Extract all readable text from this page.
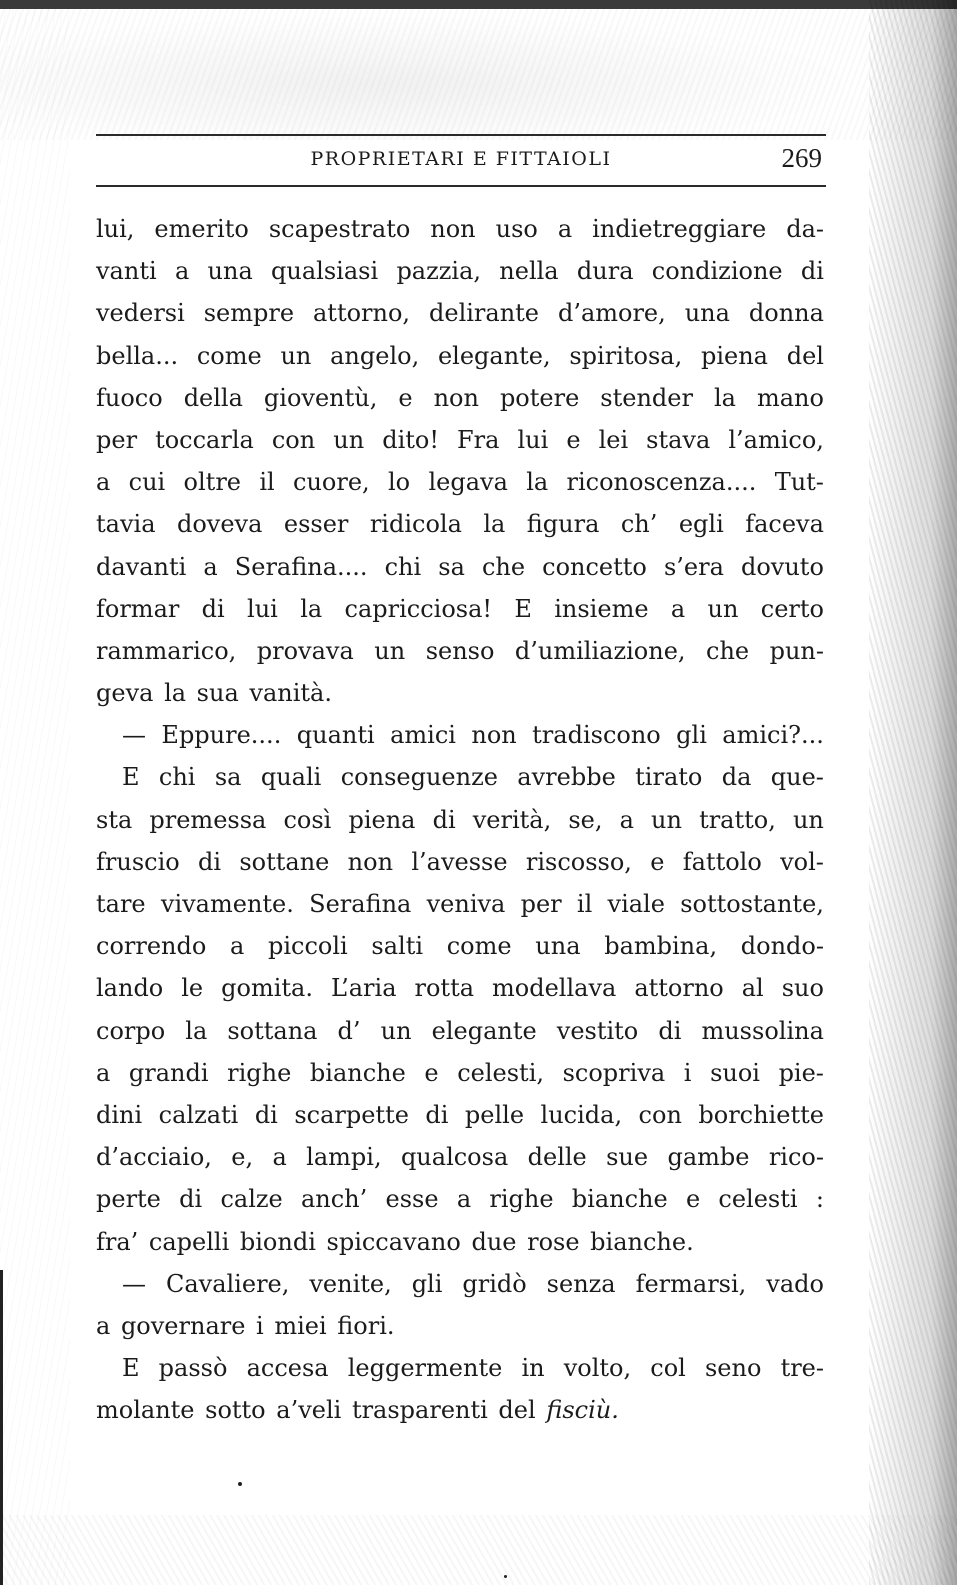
PROPRIETARI E FITTAIOLI	269
lui, emerito scapestrato non uso a indietreggiare da-
vanti a una qualsiasi pazzia, nella dura condizione di
vedersi sempre attorno, delirante d’amore, una donna
bella... come un angelo, elegante, spiritosa, piena del
fuoco della gioventù, e non potere stender la mano
per toccarla con un dito! Fra lui e lei stava l’amico,
a cui oltre il cuore, lo legava la riconoscenza.... Tut-
tavia doveva esser ridicola la figura ch’ egli faceva
davanti a Serafina.... chi sa che concetto s’era dovuto
formar di lui la capricciosa! E insieme a un certo
rammarico, provava un senso d’umiliazione, che pun-
geva la sua vanità.
— Eppure.... quanti amici non tradiscono gli amici?...
E chi sa quali conseguenze avrebbe tirato da que-
sta premessa così piena di verità, se, a un tratto, un
fruscio di sottane non l’avesse riscosso, e fattolo vol-
tare vivamente. Serafina veniva per il viale sottostante,
correndo a piccoli salti come una bambina, dondo-
lando le gomita. L’aria rotta modellava attorno al suo
corpo la sottana d’ un elegante vestito di mussolina
a grandi righe bianche e celesti, scopriva i suoi pie-
dini calzati di scarpette di pelle lucida, con borchiette
d’acciaio, e, a lampi, qualcosa delle sue gambe rico-
perte di calze anch’ esse a righe bianche e celesti :
fra’ capelli biondi spiccavano due rose bianche.
— Cavaliere, venite, gli gridò senza fermarsi, vado
a governare i miei fiori.
E passò accesa leggermente in volto, col seno tre-
molante sotto a’veli trasparenti del
fisciù.
